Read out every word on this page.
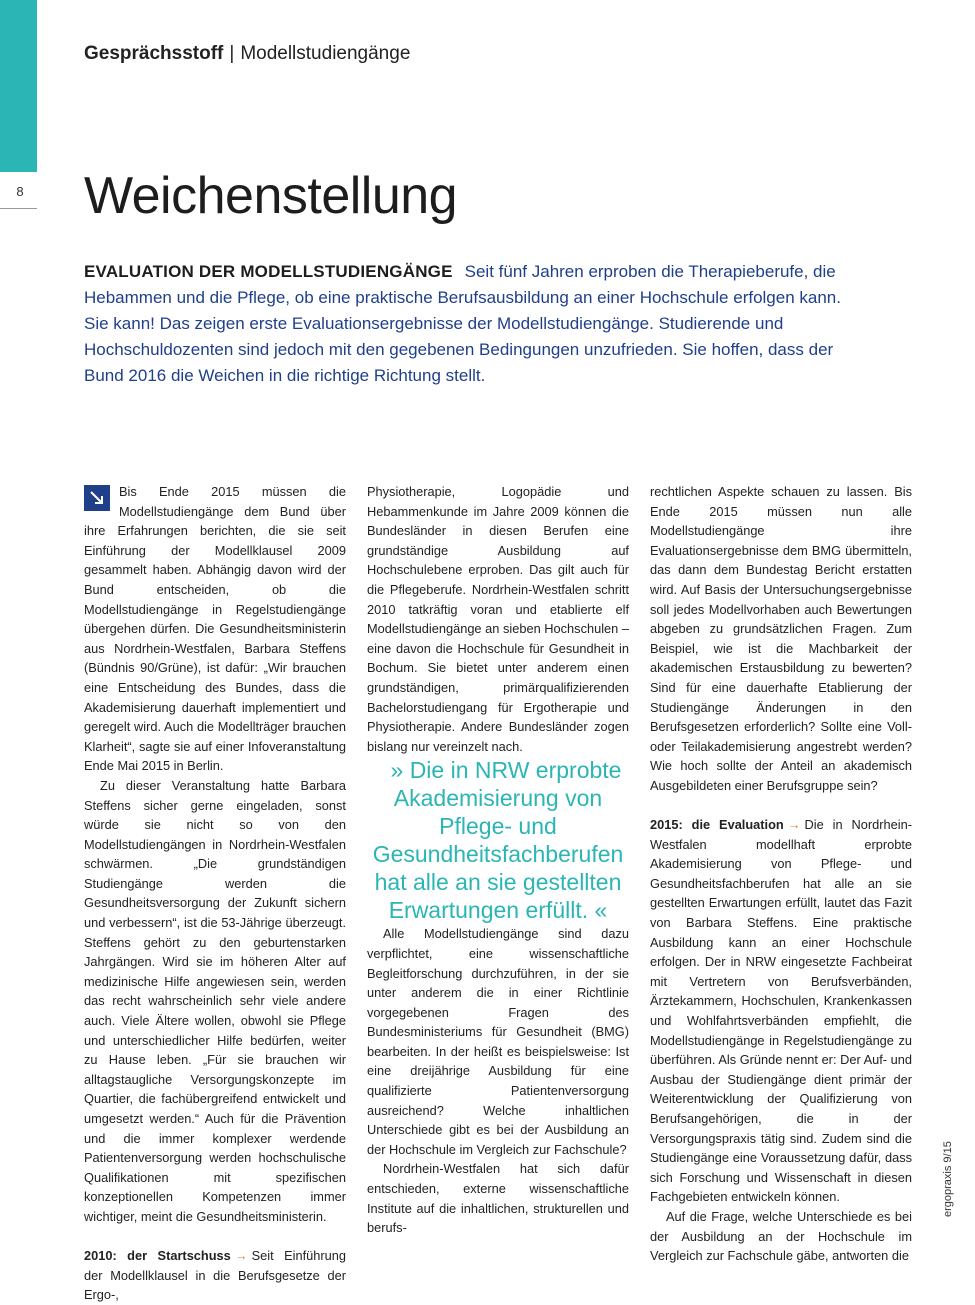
8
Gesprächsstoff | Modellstudiengänge
Weichenstellung
EVALUATION DER MODELLSTUDIENGÄNGE Seit fünf Jahren erproben die Therapieberufe, die Hebammen und die Pflege, ob eine praktische Berufsausbildung an einer Hochschule erfolgen kann. Sie kann! Das zeigen erste Evaluationsergebnisse der Modellstudiengänge. Studierende und Hochschuldozenten sind jedoch mit den gegebenen Bedingungen unzufrieden. Sie hoffen, dass der Bund 2016 die Weichen in die richtige Richtung stellt.

Bis Ende 2015 müssen die Modellstudiengänge dem Bund über ihre Erfahrungen berichten, die sie seit Einführung der Modellklausel 2009 gesammelt haben. Abhängig davon wird der Bund entscheiden, ob die Modellstudiengänge in Regelstudiengänge übergehen dürfen. Die Gesundheitsministerin aus Nordrhein-Westfalen, Barbara Steffens (Bündnis 90/Grüne), ist dafür: „Wir brauchen eine Entscheidung des Bundes, dass die Akademisierung dauerhaft implementiert und geregelt wird. Auch die Modellträger brauchen Klarheit“, sagte sie auf einer Infoveranstaltung Ende Mai 2015 in Berlin.

Zu dieser Veranstaltung hatte Barbara Steffens sicher gerne eingeladen, sonst würde sie nicht so von den Modellstudiengängen in Nordrhein-Westfalen schwärmen. „Die grundständigen Studiengänge werden die Gesundheitsversorgung der Zukunft sichern und verbessern“, ist die 53-Jährige überzeugt. Steffens gehört zu den geburtenstarken Jahrgängen. Wird sie im höheren Alter auf medizinische Hilfe angewiesen sein, werden das recht wahrscheinlich sehr viele andere auch. Viele Ältere wollen, obwohl sie Pflege und unterschiedlicher Hilfe bedürfen, weiter zu Hause leben. „Für sie brauchen wir alltagstaugliche Versorgungskonzepte im Quartier, die fachübergreifend entwickelt und umgesetzt werden.“ Auch für die Prävention und die immer komplexer werdende Patientenversorgung werden hochschulische Qualifikationen mit spezifischen konzeptionellen Kompetenzen immer wichtiger, meint die Gesundheitsministerin.

2010: der Startschuss → Seit Einführung der Modellklausel in die Berufsgesetze der Ergo-,

Physiotherapie, Logopädie und Hebammenkunde im Jahre 2009 können die Bundesländer in diesen Berufen eine grundständige Ausbildung auf Hochschulebene erproben. Das gilt auch für die Pflegeberufe. Nordrhein-Westfalen schritt 2010 tatkräftig voran und etablierte elf Modellstudiengänge an sieben Hochschulen – eine davon die Hochschule für Gesundheit in Bochum. Sie bietet unter anderem einen grundständigen, primärqualifizierenden Bachelorstudiengang für Ergotherapie und Physiotherapie. Andere Bundesländer zogen bislang nur vereinzelt nach.

» Die in NRW erprobte Akademisierung von Pflege- und Gesundheitsfachberufen hat alle an sie gestellten Erwartungen erfüllt. «

Alle Modellstudiengänge sind dazu verpflichtet, eine wissenschaftliche Begleitforschung durchzuführen, in der sie unter anderem die in einer Richtlinie vorgegebenen Fragen des Bundesministeriums für Gesundheit (BMG) bearbeiten. In der heißt es beispielsweise: Ist eine dreijährige Ausbildung für eine qualifizierte Patientenversorgung ausreichend? Welche inhaltlichen Unterschiede gibt es bei der Ausbildung an der Hochschule im Vergleich zur Fachschule?

Nordrhein-Westfalen hat sich dafür entschieden, externe wissenschaftliche Institute auf die inhaltlichen, strukturellen und berufs-

rechtlichen Aspekte schauen zu lassen. Bis Ende 2015 müssen nun alle Modellstudiengänge ihre Evaluationsergebnisse dem BMG übermitteln, das dann dem Bundestag Bericht erstatten wird. Auf Basis der Untersuchungsergebnisse soll jedes Modellvorhaben auch Bewertungen abgeben zu grundsätzlichen Fragen. Zum Beispiel, wie ist die Machbarkeit der akademischen Erstausbildung zu bewerten? Sind für eine dauerhafte Etablierung der Studiengänge Änderungen in den Berufsgesetzen erforderlich? Sollte eine Voll- oder Teilakademisierung angestrebt werden? Wie hoch sollte der Anteil an akademisch Ausgebildeten einer Berufsgruppe sein?

2015: die Evaluation → Die in Nordrhein-Westfalen modellhaft erprobte Akademisierung von Pflege- und Gesundheitsfachberufen hat alle an sie gestellten Erwartungen erfüllt, lautet das Fazit von Barbara Steffens. Eine praktische Ausbildung kann an einer Hochschule erfolgen. Der in NRW eingesetzte Fachbeirat mit Vertretern von Berufsverbänden, Ärztekammern, Hochschulen, Krankenkassen und Wohlfahrtsverbänden empfiehlt, die Modellstudiengänge in Regelstudiengänge zu überführen. Als Gründe nennt er: Der Auf- und Ausbau der Studiengänge dient primär der Weiterentwicklung der Qualifizierung von Berufsangehörigen, die in der Versorgungspraxis tätig sind. Zudem sind die Studiengänge eine Voraussetzung dafür, dass sich Forschung und Wissenschaft in diesen Fachgebieten entwickeln können.

Auf die Frage, welche Unterschiede es bei der Ausbildung an der Hochschule im Vergleich zur Fachschule gäbe, antworten die

ergopraxis 9/15
